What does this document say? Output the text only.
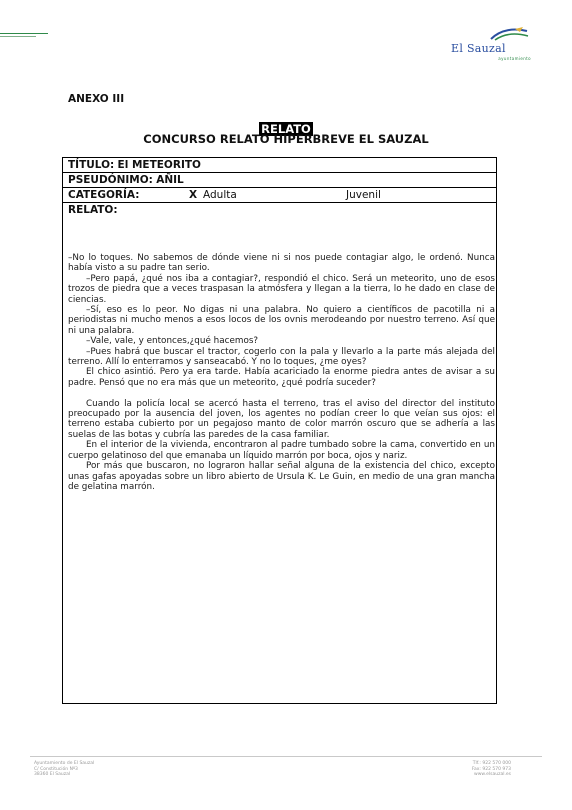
El Sauzal
ayuntamiento
ANEXO III
RELATO
CONCURSO RELATO HIPERBREVE EL SAUZAL
TÍTULO: El METEORITO
PSEUDÓNIMO: AÑIL
CATEGORÍA:	X Adulta	Juvenil
RELATO:

–No lo toques. No sabemos de dónde viene ni si nos puede contagiar algo, le ordenó. Nunca había visto a su padre tan serio.

–Pero papá, ¿qué nos iba a contagiar?, respondió el chico. Será un meteorito, uno de esos trozos de piedra que a veces traspasan la atmósfera y llegan a la tierra, lo he dado en clase de ciencias.

–Sí, eso es lo peor. No digas ni una palabra. No quiero a científicos de pacotilla ni a periodistas ni mucho menos a esos locos de los ovnis merodeando por nuestro terreno. Así que ni una palabra.

–Vale, vale, y entonces,¿qué hacemos?

–Pues habrá que buscar el tractor, cogerlo con la pala y llevarlo a la parte más alejada del terreno. Allí lo enterramos y sanseacabó. Y no lo toques, ¿me oyes?

El chico asintió. Pero ya era tarde. Había acariciado la enorme piedra antes de avisar a su padre. Pensó que no era más que un meteorito, ¿qué podría suceder?

Cuando la policía local se acercó hasta el terreno, tras el aviso del director del instituto preocupado por la ausencia del joven, los agentes no podían creer lo que veían sus ojos: el terreno estaba cubierto por un pegajoso manto de color marrón oscuro que se adhería a las suelas de las botas y cubría las paredes de la casa familiar.

En el interior de la vivienda, encontraron al padre tumbado sobre la cama, convertido en un cuerpo gelatinoso del que emanaba un líquido marrón por boca, ojos y nariz.

Por más que buscaron, no lograron hallar señal alguna de la existencia del chico, excepto unas gafas apoyadas sobre un libro abierto de Ursula K. Le Guin, en medio de una gran mancha de gelatina marrón.

Ayuntamiento de El Sauzal
C/ Constitución Nº3
38360 El Sauzal
Tlf.: 922 570 000
Fax: 922 570 973
www.elsauzal.es
